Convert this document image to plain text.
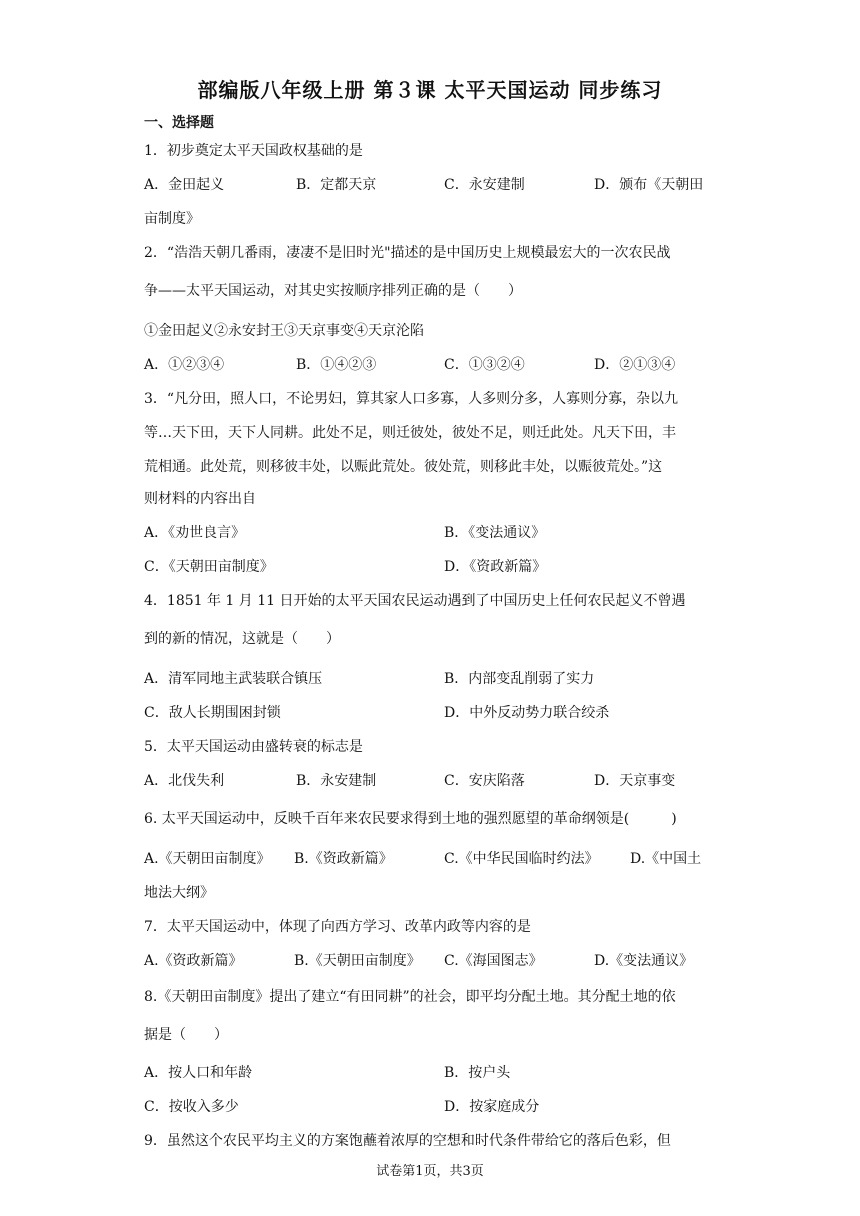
部编版八年级上册 第３课 太平天国运动 同步练习
一、选择题
1．初步奠定太平天国政权基础的是
A．金田起义	B．定都天京	C．永安建制	D．颁布《天朝田
亩制度》
2．“浩浩天朝几番雨，凄凄不是旧时光"描述的是中国历史上规模最宏大的一次农民战
争——太平天国运动，对其史实按顺序排列正确的是（　　）
①金田起义②永安封王③天京事变④天京沦陷
A．①②③④	B．①④②③	C．①③②④	D．②①③④
3．“凡分田，照人口，不论男妇，算其家人口多寡，人多则分多，人寡则分寡，杂以九
等…天下田，天下人同耕。此处不足，则迁彼处，彼处不足，则迁此处。凡天下田，丰
荒相通。此处荒，则移彼丰处，以赈此荒处。彼处荒，则移此丰处，以赈彼荒处。”这
则材料的内容出自
A．《劝世良言》	B．《变法通议》
C．《天朝田亩制度》	D．《资政新篇》
4．1851 年 1 月 11 日开始的太平天国农民运动遇到了中国历史上任何农民起义不曾遇
到的新的情况，这就是（　　）
A．清军同地主武装联合镇压	B．内部变乱削弱了实力
C．敌人长期围困封锁	D．中外反动势力联合绞杀
5．太平天国运动由盛转衰的标志是
A．北伐失利	B．永安建制	C．安庆陷落	D．天京事变
6. 太平天国运动中，反映千百年来农民要求得到土地的强烈愿望的革命纲领是(　　　)
A.《天朝田亩制度》 B.《资政新篇》	C.《中华民国临时约法》 D.《中国土
地法大纲》
7．太平天国运动中，体现了向西方学习、改革内政等内容的是
A.《资政新篇》	B.《天朝田亩制度》 C.《海国图志》	D.《变法通议》
8.《天朝田亩制度》提出了建立“有田同耕”的社会，即平均分配土地。其分配土地的依
据是（　　）
A．按人口和年龄	B．按户头
C．按收入多少	D．按家庭成分
9．虽然这个农民平均主义的方案饱蘸着浓厚的空想和时代条件带给它的落后色彩，但
试卷第1页，共3页
